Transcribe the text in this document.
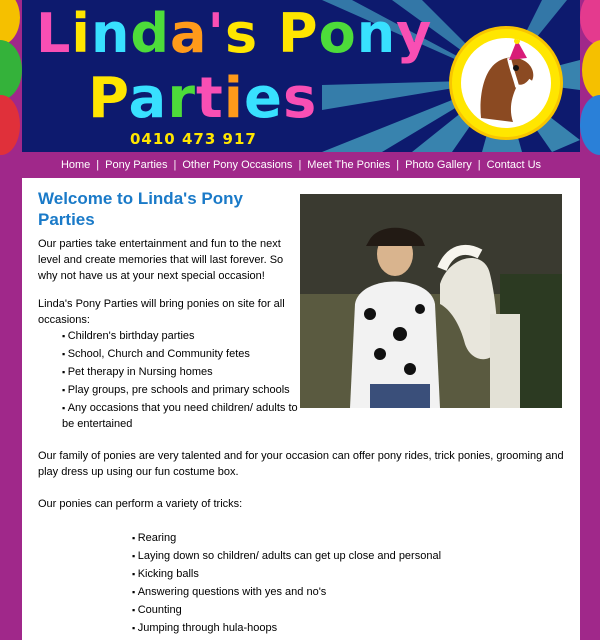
Linda's Pony
Parties
0410 473 917
Home | Pony Parties | Other Pony Occasions | Meet The Ponies | Photo Gallery | Contact Us
Welcome to Linda's Pony Parties
Our parties take entertainment and fun to the next level and create memories that will last forever. So why not have us at your next special occasion!
Linda's Pony Parties will bring ponies on site for all occasions:
▪ Children's birthday parties
▪ School, Church and Community fetes
▪ Pet therapy in Nursing homes
▪ Play groups, pre schools and primary schools
▪ Any occasions that you need children/ adults to be entertained
Our family of ponies are very talented and for your occasion can offer pony rides, trick ponies, grooming and play dress up using our fun costume box.
Our ponies can perform a variety of tricks:
▪ Rearing
▪ Laying down so children/ adults can get up close and personal
▪ Kicking balls
▪ Answering questions with yes and no's
▪ Counting
▪ Jumping through hula-hoops
